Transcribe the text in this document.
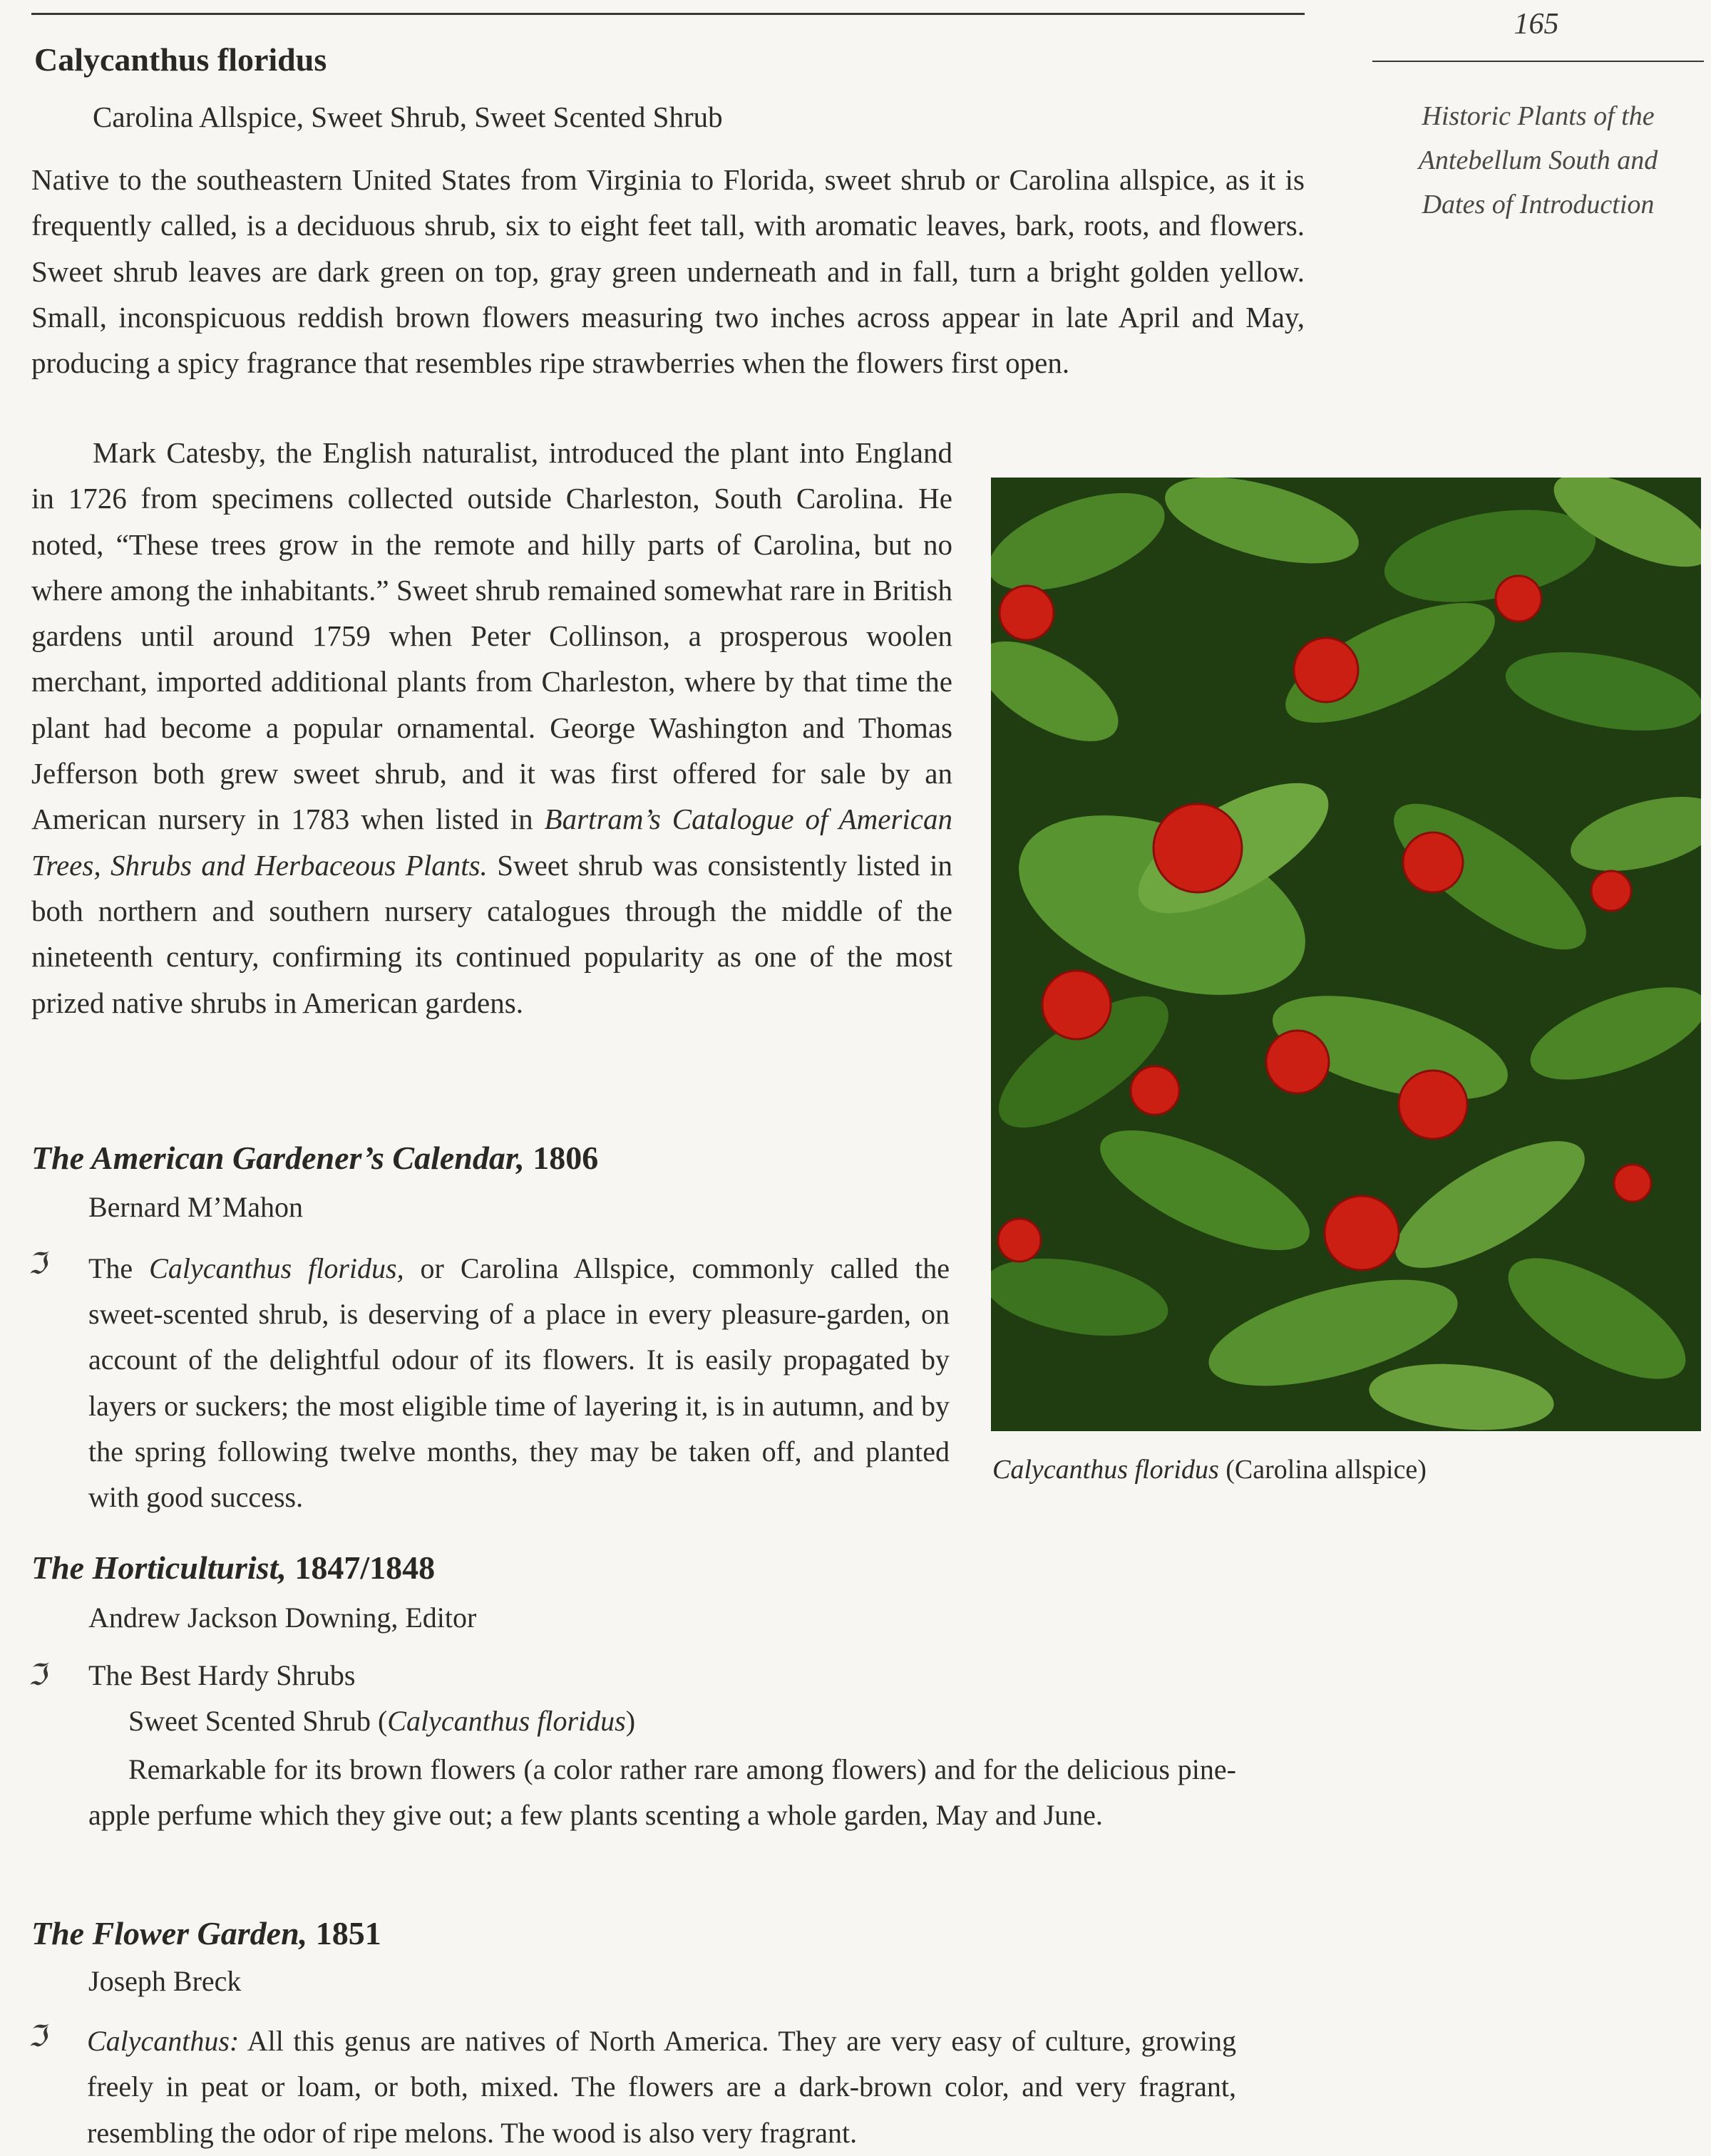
165
Historic Plants of the
Antebellum South and
Dates of Introduction
Calycanthus floridus
Carolina Allspice, Sweet Shrub, Sweet Scented Shrub

Native to the southeastern United States from Virginia to Florida, sweet shrub or Carolina allspice, as it is frequently called, is a deciduous shrub, six to eight feet tall, with aromatic leaves, bark, roots, and flowers. Sweet shrub leaves are dark green on top, gray green underneath and in fall, turn a bright golden yellow. Small, inconspicuous reddish brown flowers measuring two inches across appear in late April and May, producing a spicy fragrance that resembles ripe strawberries when the flowers first open.

Mark Catesby, the English naturalist, introduced the plant into England in 1726 from specimens collected outside Charleston, South Carolina. He noted, “These trees grow in the remote and hilly parts of Carolina, but no where among the inhabitants.” Sweet shrub remained somewhat rare in British gardens until around 1759 when Peter Collinson, a prosperous woolen merchant, imported additional plants from Charleston, where by that time the plant had become a popular ornamental. George Washington and Thomas Jefferson both grew sweet shrub, and it was first offered for sale by an American nursery in 1783 when listed in Bartram’s Catalogue of American Trees, Shrubs and Herbaceous Plants. Sweet shrub was consistently listed in both northern and southern nursery catalogues through the middle of the nineteenth century, confirming its continued popularity as one of the most prized native shrubs in American gardens.

Calycanthus floridus (Carolina allspice)
The American Gardener’s Calendar, 1806
Bernard M’Mahon
ℑ The Calycanthus floridus, or Carolina Allspice, commonly called the sweet-scented shrub, is deserving of a place in every pleasure-garden, on account of the delightful odour of its flowers. It is easily propagated by layers or suckers; the most eligible time of layering it, is in autumn, and by the spring following twelve months, they may be taken off, and planted with good success.

The Horticulturist, 1847/1848
Andrew Jackson Downing, Editor
ℑ The Best Hardy Shrubs
Sweet Scented Shrub (Calycanthus floridus)

Remarkable for its brown flowers (a color rather rare among flowers) and for the delicious pine-apple perfume which they give out; a few plants scenting a whole garden, May and June.

The Flower Garden, 1851
Joseph Breck
ℑ Calycanthus: All this genus are natives of North America. They are very easy of culture, growing freely in peat or loam, or both, mixed. The flowers are a dark-brown color, and very fragrant, resembling the odor of ripe melons. The wood is also very fragrant.
